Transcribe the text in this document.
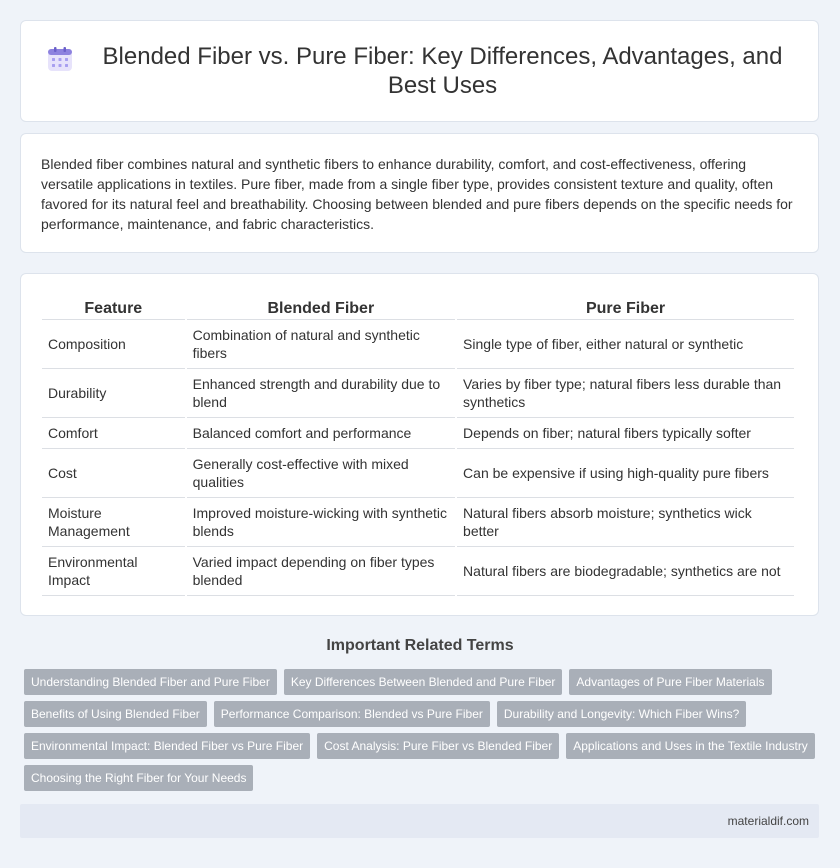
Blended Fiber vs. Pure Fiber: Key Differences, Advantages, and Best Uses

Blended fiber combines natural and synthetic fibers to enhance durability, comfort, and cost-effectiveness, offering versatile applications in textiles. Pure fiber, made from a single fiber type, provides consistent texture and quality, often favored for its natural feel and breathability. Choosing between blended and pure fibers depends on the specific needs for performance, maintenance, and fabric characteristics.

Feature	Blended Fiber	Pure Fiber
Composition	Combination of natural and synthetic fibers	Single type of fiber, either natural or synthetic
Durability	Enhanced strength and durability due to blend	Varies by fiber type; natural fibers less durable than synthetics
Comfort	Balanced comfort and performance	Depends on fiber; natural fibers typically softer
Cost	Generally cost-effective with mixed qualities	Can be expensive if using high-quality pure fibers
Moisture Management	Improved moisture-wicking with synthetic blends	Natural fibers absorb moisture; synthetics wick better
Environmental Impact	Varied impact depending on fiber types blended	Natural fibers are biodegradable; synthetics are not
Important Related Terms
Understanding Blended Fiber and Pure Fiber	Key Differences Between Blended and Pure Fiber	Advantages of Pure Fiber Materials
Benefits of Using Blended Fiber	Performance Comparison: Blended vs Pure Fiber	Durability and Longevity: Which Fiber Wins?
Environmental Impact: Blended Fiber vs Pure Fiber	Cost Analysis: Pure Fiber vs Blended Fiber	Applications and Uses in the Textile Industry
Choosing the Right Fiber for Your Needs
materialdif.com
